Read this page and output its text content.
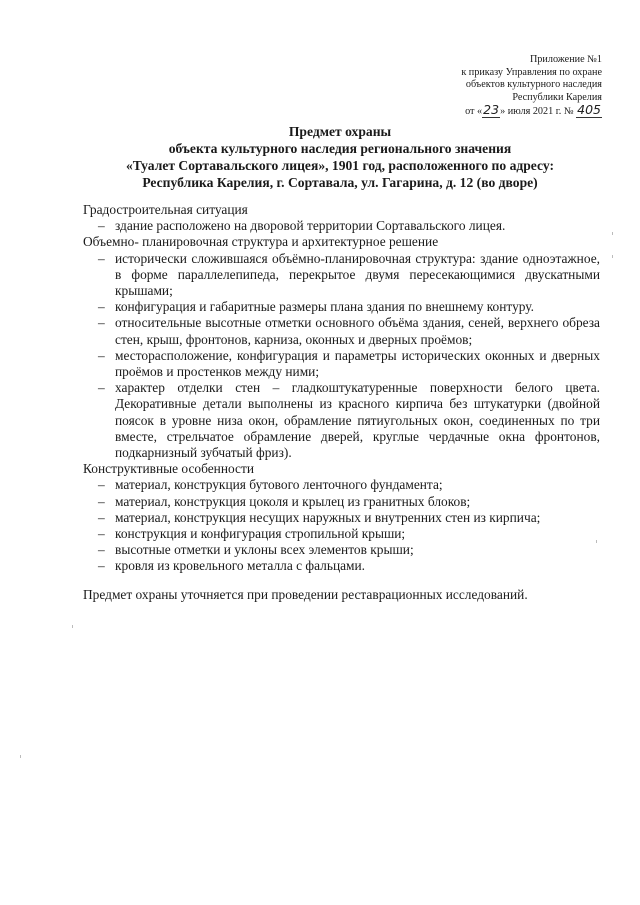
Приложение №1
к приказу Управления по охране
объектов культурного наследия
Республики Карелия
от «23» июля 2021 г. № 405
Предмет охраны
объекта культурного наследия регионального значения
«Туалет Сортавальского лицея», 1901 год, расположенного по адресу:
Республика Карелия, г. Сортавала, ул. Гагарина, д. 12 (во дворе)
Градостроительная ситуация
– здание расположено на дворовой территории Сортавальского лицея.
Объемно- планировочная структура и архитектурное решение
– исторически сложившаяся объёмно-планировочная структура: здание одноэтажное, в форме параллелепипеда, перекрытое двумя пересекающимися двускатными крышами;
– конфигурация и габаритные размеры плана здания по внешнему контуру.
– относительные высотные отметки основного объёма здания, сеней, верхнего обреза стен, крыш, фронтонов, карниза, оконных и дверных проёмов;
– месторасположение, конфигурация и параметры исторических оконных и дверных проёмов и простенков между ними;
– характер отделки стен – гладкоштукатуренные поверхности белого цвета. Декоративные детали выполнены из красного кирпича без штукатурки (двойной поясок в уровне низа окон, обрамление пятиугольных окон, соединенных по три вместе, стрельчатое обрамление дверей, круглые чердачные окна фронтонов, подкарнизный зубчатый фриз).
Конструктивные особенности
– материал, конструкция бутового ленточного фундамента;
– материал, конструкция цоколя и крылец из гранитных блоков;
– материал, конструкция несущих наружных и внутренних стен из кирпича;
– конструкция и конфигурация стропильной крыши;
– высотные отметки и уклоны всех элементов крыши;
– кровля из кровельного металла с фальцами.
Предмет охраны уточняется при проведении реставрационных исследований.
